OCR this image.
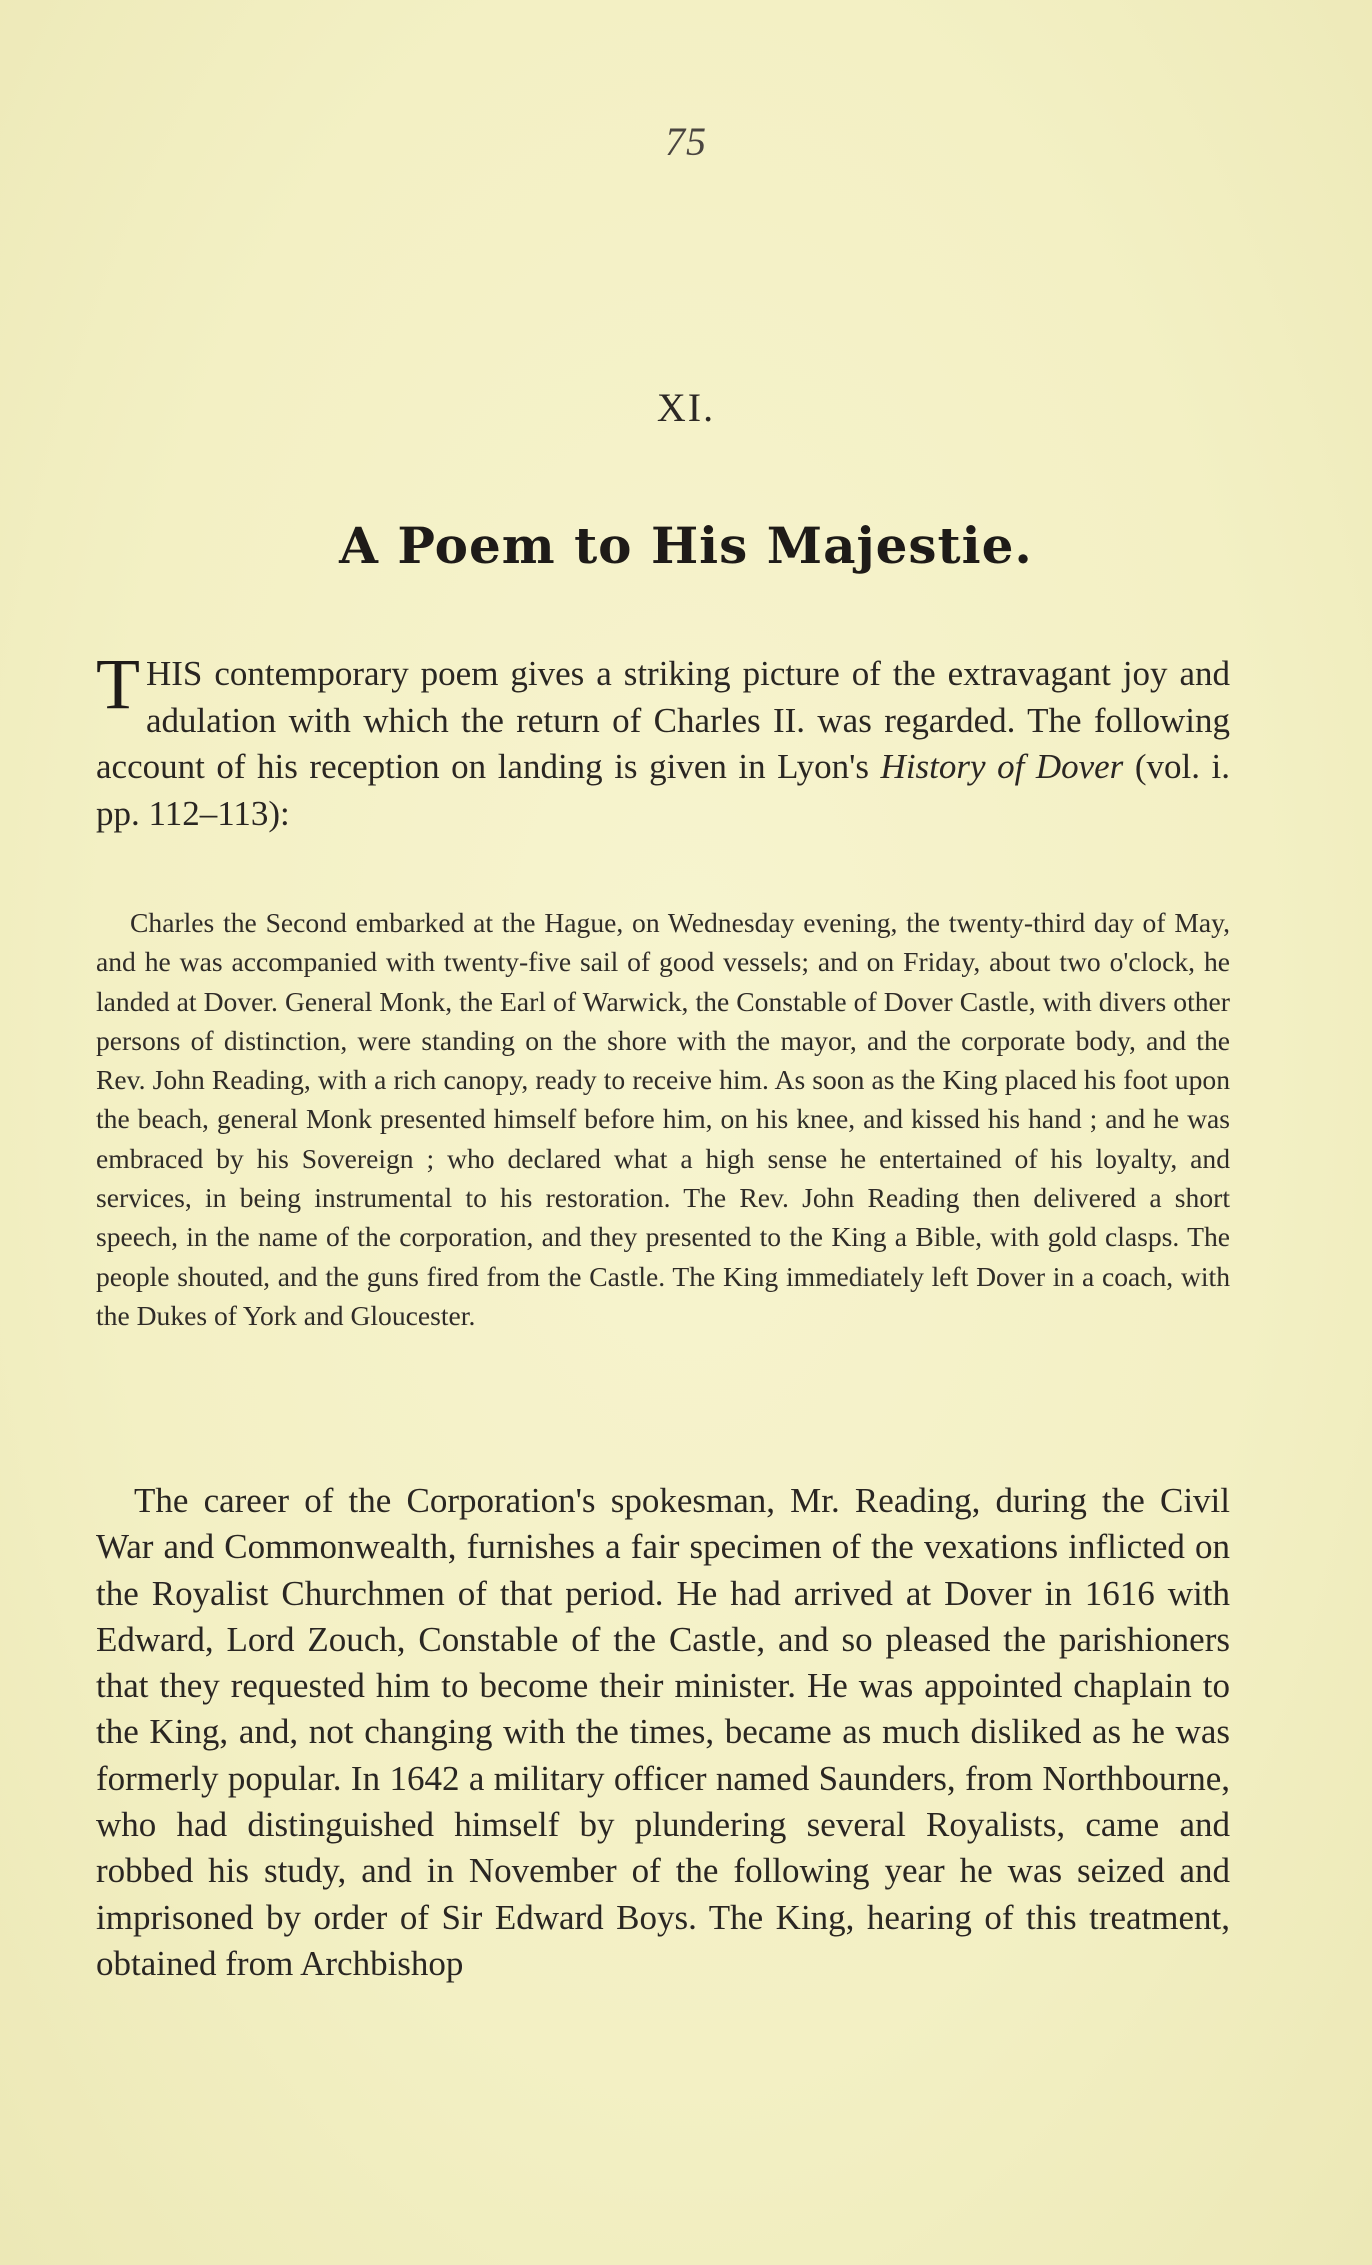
75
XI.
A Poem to His Majestie.

THIS contemporary poem gives a striking picture of the extravagant joy and adulation with which the return of Charles II. was regarded. The following account of his reception on landing is given in Lyon's History of Dover (vol. i. pp. 112–113):

Charles the Second embarked at the Hague, on Wednesday evening, the twenty-third day of May, and he was accompanied with twenty-five sail of good vessels; and on Friday, about two o'clock, he landed at Dover. General Monk, the Earl of Warwick, the Constable of Dover Castle, with divers other persons of distinction, were standing on the shore with the mayor, and the corporate body, and the Rev. John Reading, with a rich canopy, ready to receive him. As soon as the King placed his foot upon the beach, general Monk presented himself before him, on his knee, and kissed his hand ; and he was embraced by his Sovereign ; who declared what a high sense he entertained of his loyalty, and services, in being instrumental to his restoration. The Rev. John Reading then delivered a short speech, in the name of the corporation, and they presented to the King a Bible, with gold clasps. The people shouted, and the guns fired from the Castle. The King immediately left Dover in a coach, with the Dukes of York and Gloucester.

The career of the Corporation's spokesman, Mr. Reading, during the Civil War and Commonwealth, furnishes a fair specimen of the vexations inflicted on the Royalist Churchmen of that period. He had arrived at Dover in 1616 with Edward, Lord Zouch, Constable of the Castle, and so pleased the parishioners that they requested him to become their minister. He was appointed chaplain to the King, and, not changing with the times, became as much disliked as he was formerly popular. In 1642 a military officer named Saunders, from Northbourne, who had distinguished himself by plundering several Royalists, came and robbed his study, and in November of the following year he was seized and imprisoned by order of Sir Edward Boys. The King, hearing of this treatment, obtained from Archbishop
